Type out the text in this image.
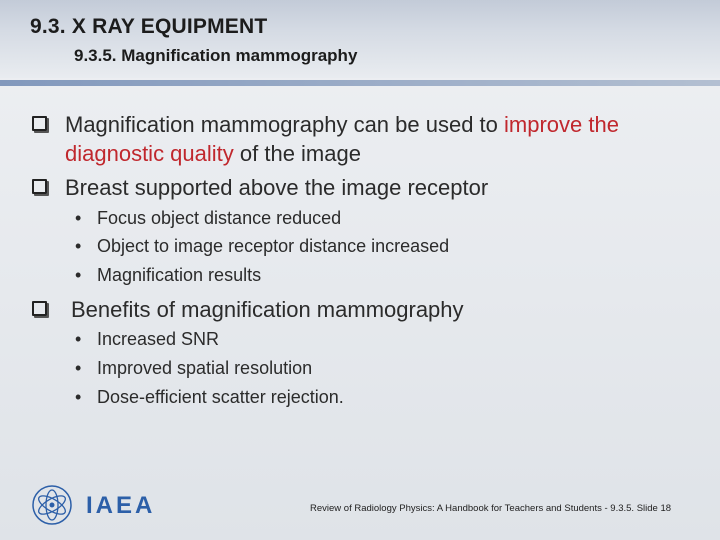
9.3. X RAY EQUIPMENT
9.3.5. Magnification mammography
Magnification mammography can be used to improve the diagnostic quality of the image
Breast supported above the image receptor
• Focus object distance reduced
• Object to image receptor distance increased
• Magnification results
Benefits of magnification mammography
• Increased SNR
• Improved spatial resolution
• Dose-efficient scatter rejection.
IAEA	Review of Radiology Physics: A Handbook for Teachers and Students - 9.3.5. Slide 18
